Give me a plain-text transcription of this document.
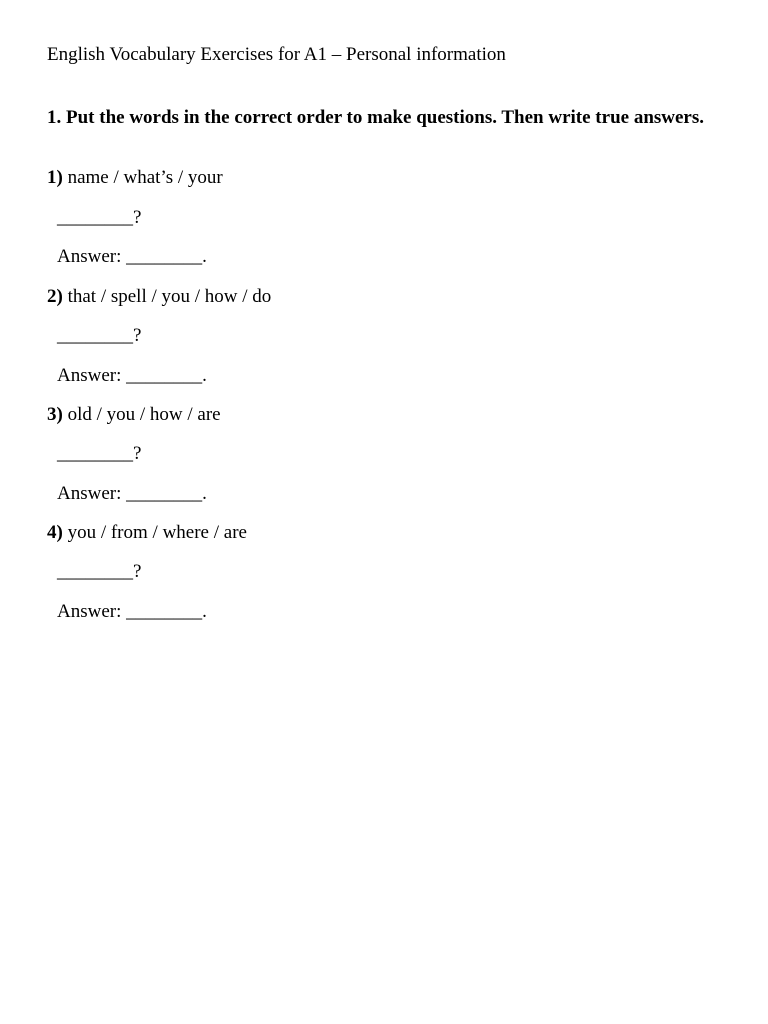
English Vocabulary Exercises for A1 – Personal information
1. Put the words in the correct order to make questions. Then write true answers.
1) name / what’s / your
________?
Answer: ________.
2) that / spell / you / how / do
________?
Answer: ________.
3) old / you / how / are
________?
Answer: ________.
4) you / from / where / are
________?
Answer: ________.
